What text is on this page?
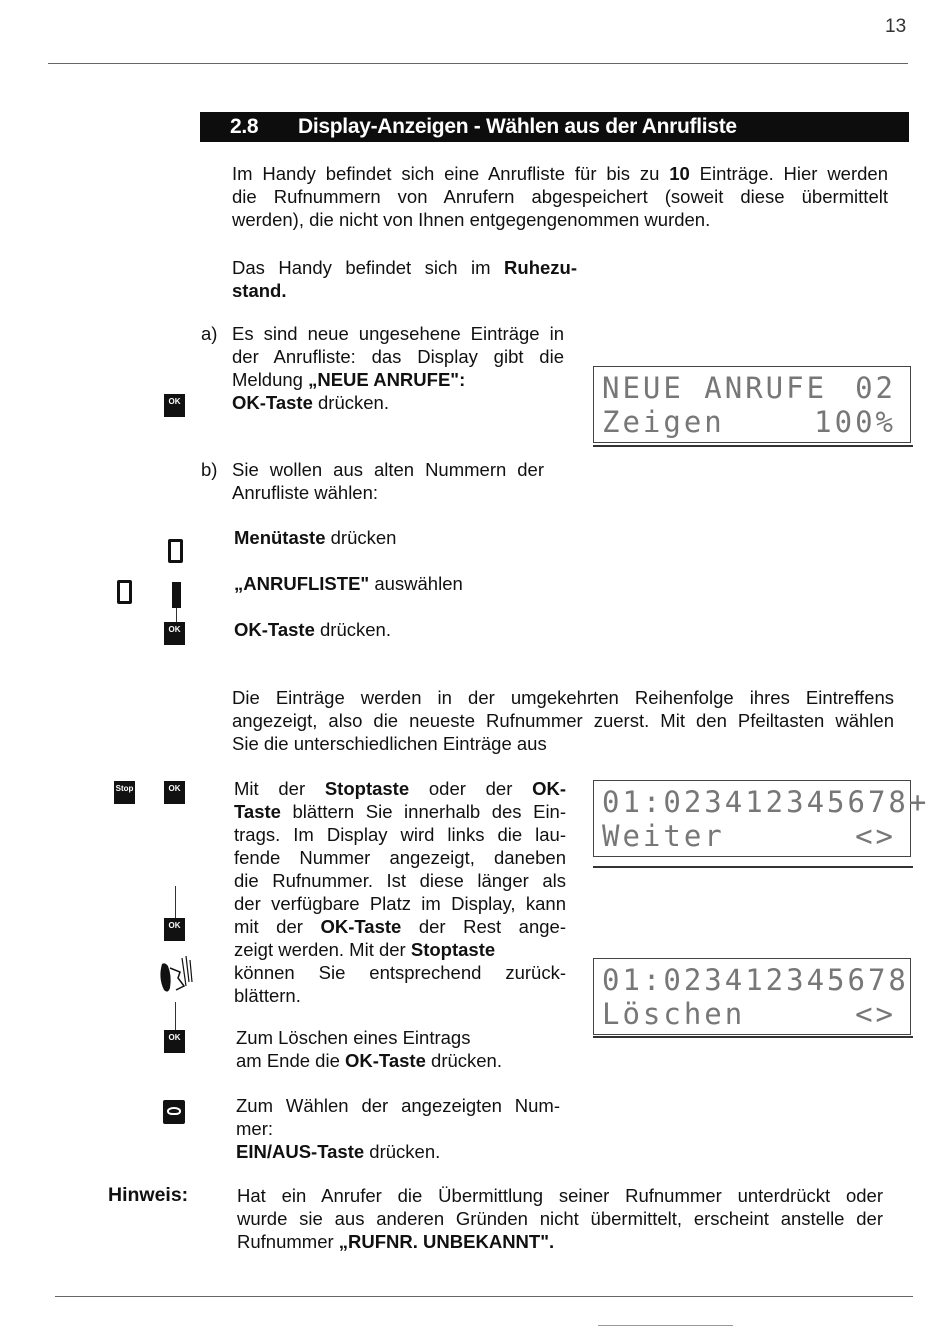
13
2.8 Display-Anzeigen - Wählen aus der Anrufliste
Im Handy befindet sich eine Anrufliste für bis zu 10 Einträge. Hier werden
die Rufnummern von Anrufern abgespeichert (soweit diese übermittelt
werden), die nicht von Ihnen entgegengenommen wurden.
Das Handy befindet sich im Ruhezu-
stand.
a) Es sind neue ungesehene Einträge in
der Anrufliste: das Display gibt die
Meldung „NEUE ANRUFE":
OK-Taste drücken.
OK	NEUE ANRUFE 02
Zeigen	100%
b) Sie wollen aus alten Nummern der
Anrufliste wählen:
Menütaste drücken
„ANRUFLISTE" auswählen
OK	OK-Taste drücken.
Die Einträge werden in der umgekehrten Reihenfolge ihres Eintreffens
angezeigt, also die neueste Rufnummer zuerst. Mit den Pfeiltasten wählen
Sie die unterschiedlichen Einträge aus
Stop	OK	Mit der Stoptaste oder der OK-
Taste blättern Sie innerhalb des Ein-
trags. Im Display wird links die lau-
fende Nummer angezeigt, daneben
die Rufnummer. Ist diese länger als
der verfügbare Platz im Display, kann
mit der OK-Taste der Rest ange-
zeigt werden. Mit der Stoptaste
können Sie entsprechend zurück-
blättern.
01:023412345678+
Weiter	<>
OK
OK
01:023412345678
Löschen	<>
Zum Löschen eines Eintrags
am Ende die OK-Taste drücken.
Zum Wählen der angezeigten Num-
mer:
EIN/AUS-Taste drücken.
Hinweis:	Hat ein Anrufer die Übermittlung seiner Rufnummer unterdrückt oder
wurde sie aus anderen Gründen nicht übermittelt, erscheint anstelle der
Rufnummer „RUFNR. UNBEKANNT".
